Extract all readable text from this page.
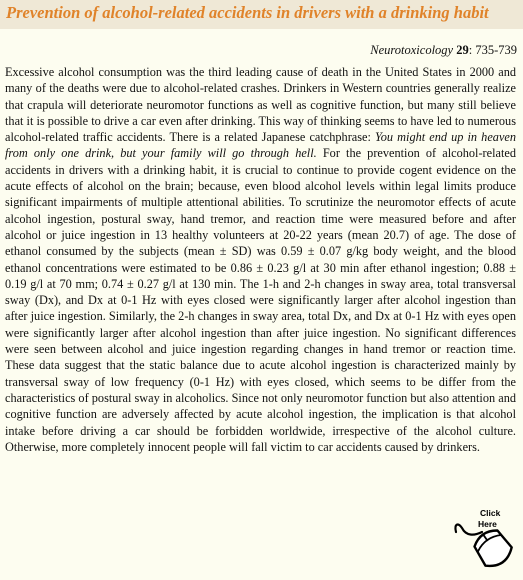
Prevention of alcohol-related accidents in drivers with a drinking habit
Neurotoxicology 29: 735-739
Excessive alcohol consumption was the third leading cause of death in the United States in 2000 and many of the deaths were due to alcohol-related crashes. Drinkers in Western countries generally realize that crapula will deteriorate neuromotor functions as well as cognitive function, but many still believe that it is possible to drive a car even after drinking. This way of thinking seems to have led to numerous alcohol-related traffic accidents. There is a related Japanese catchphrase: You might end up in heaven from only one drink, but your family will go through hell. For the prevention of alcohol-related accidents in drivers with a drinking habit, it is crucial to continue to provide cogent evidence on the acute effects of alcohol on the brain; because, even blood alcohol levels within legal limits produce significant impairments of multiple attentional abilities. To scrutinize the neuromotor effects of acute alcohol ingestion, postural sway, hand tremor, and reaction time were measured before and after alcohol or juice ingestion in 13 healthy volunteers at 20-22 years (mean 20.7) of age. The dose of ethanol consumed by the subjects (mean ± SD) was 0.59 ± 0.07 g/kg body weight, and the blood ethanol concentrations were estimated to be 0.86 ± 0.23 g/l at 30 min after ethanol ingestion; 0.88 ± 0.19 g/l at 70 mm; 0.74 ± 0.27 g/l at 130 min. The 1-h and 2-h changes in sway area, total transversal sway (Dx), and Dx at 0-1 Hz with eyes closed were significantly larger after alcohol ingestion than after juice ingestion. Similarly, the 2-h changes in sway area, total Dx, and Dx at 0-1 Hz with eyes open were significantly larger after alcohol ingestion than after juice ingestion. No significant differences were seen between alcohol and juice ingestion regarding changes in hand tremor or reaction time. These data suggest that the static balance due to acute alcohol ingestion is characterized mainly by transversal sway of low frequency (0-1 Hz) with eyes closed, which seems to be differ from the characteristics of postural sway in alcoholics. Since not only neuromotor function but also attention and cognitive function are adversely affected by acute alcohol ingestion, the implication is that alcohol intake before driving a car should be forbidden worldwide, irrespective of the alcohol culture. Otherwise, more completely innocent people will fall victim to car accidents caused by drinkers.
Click
Here
